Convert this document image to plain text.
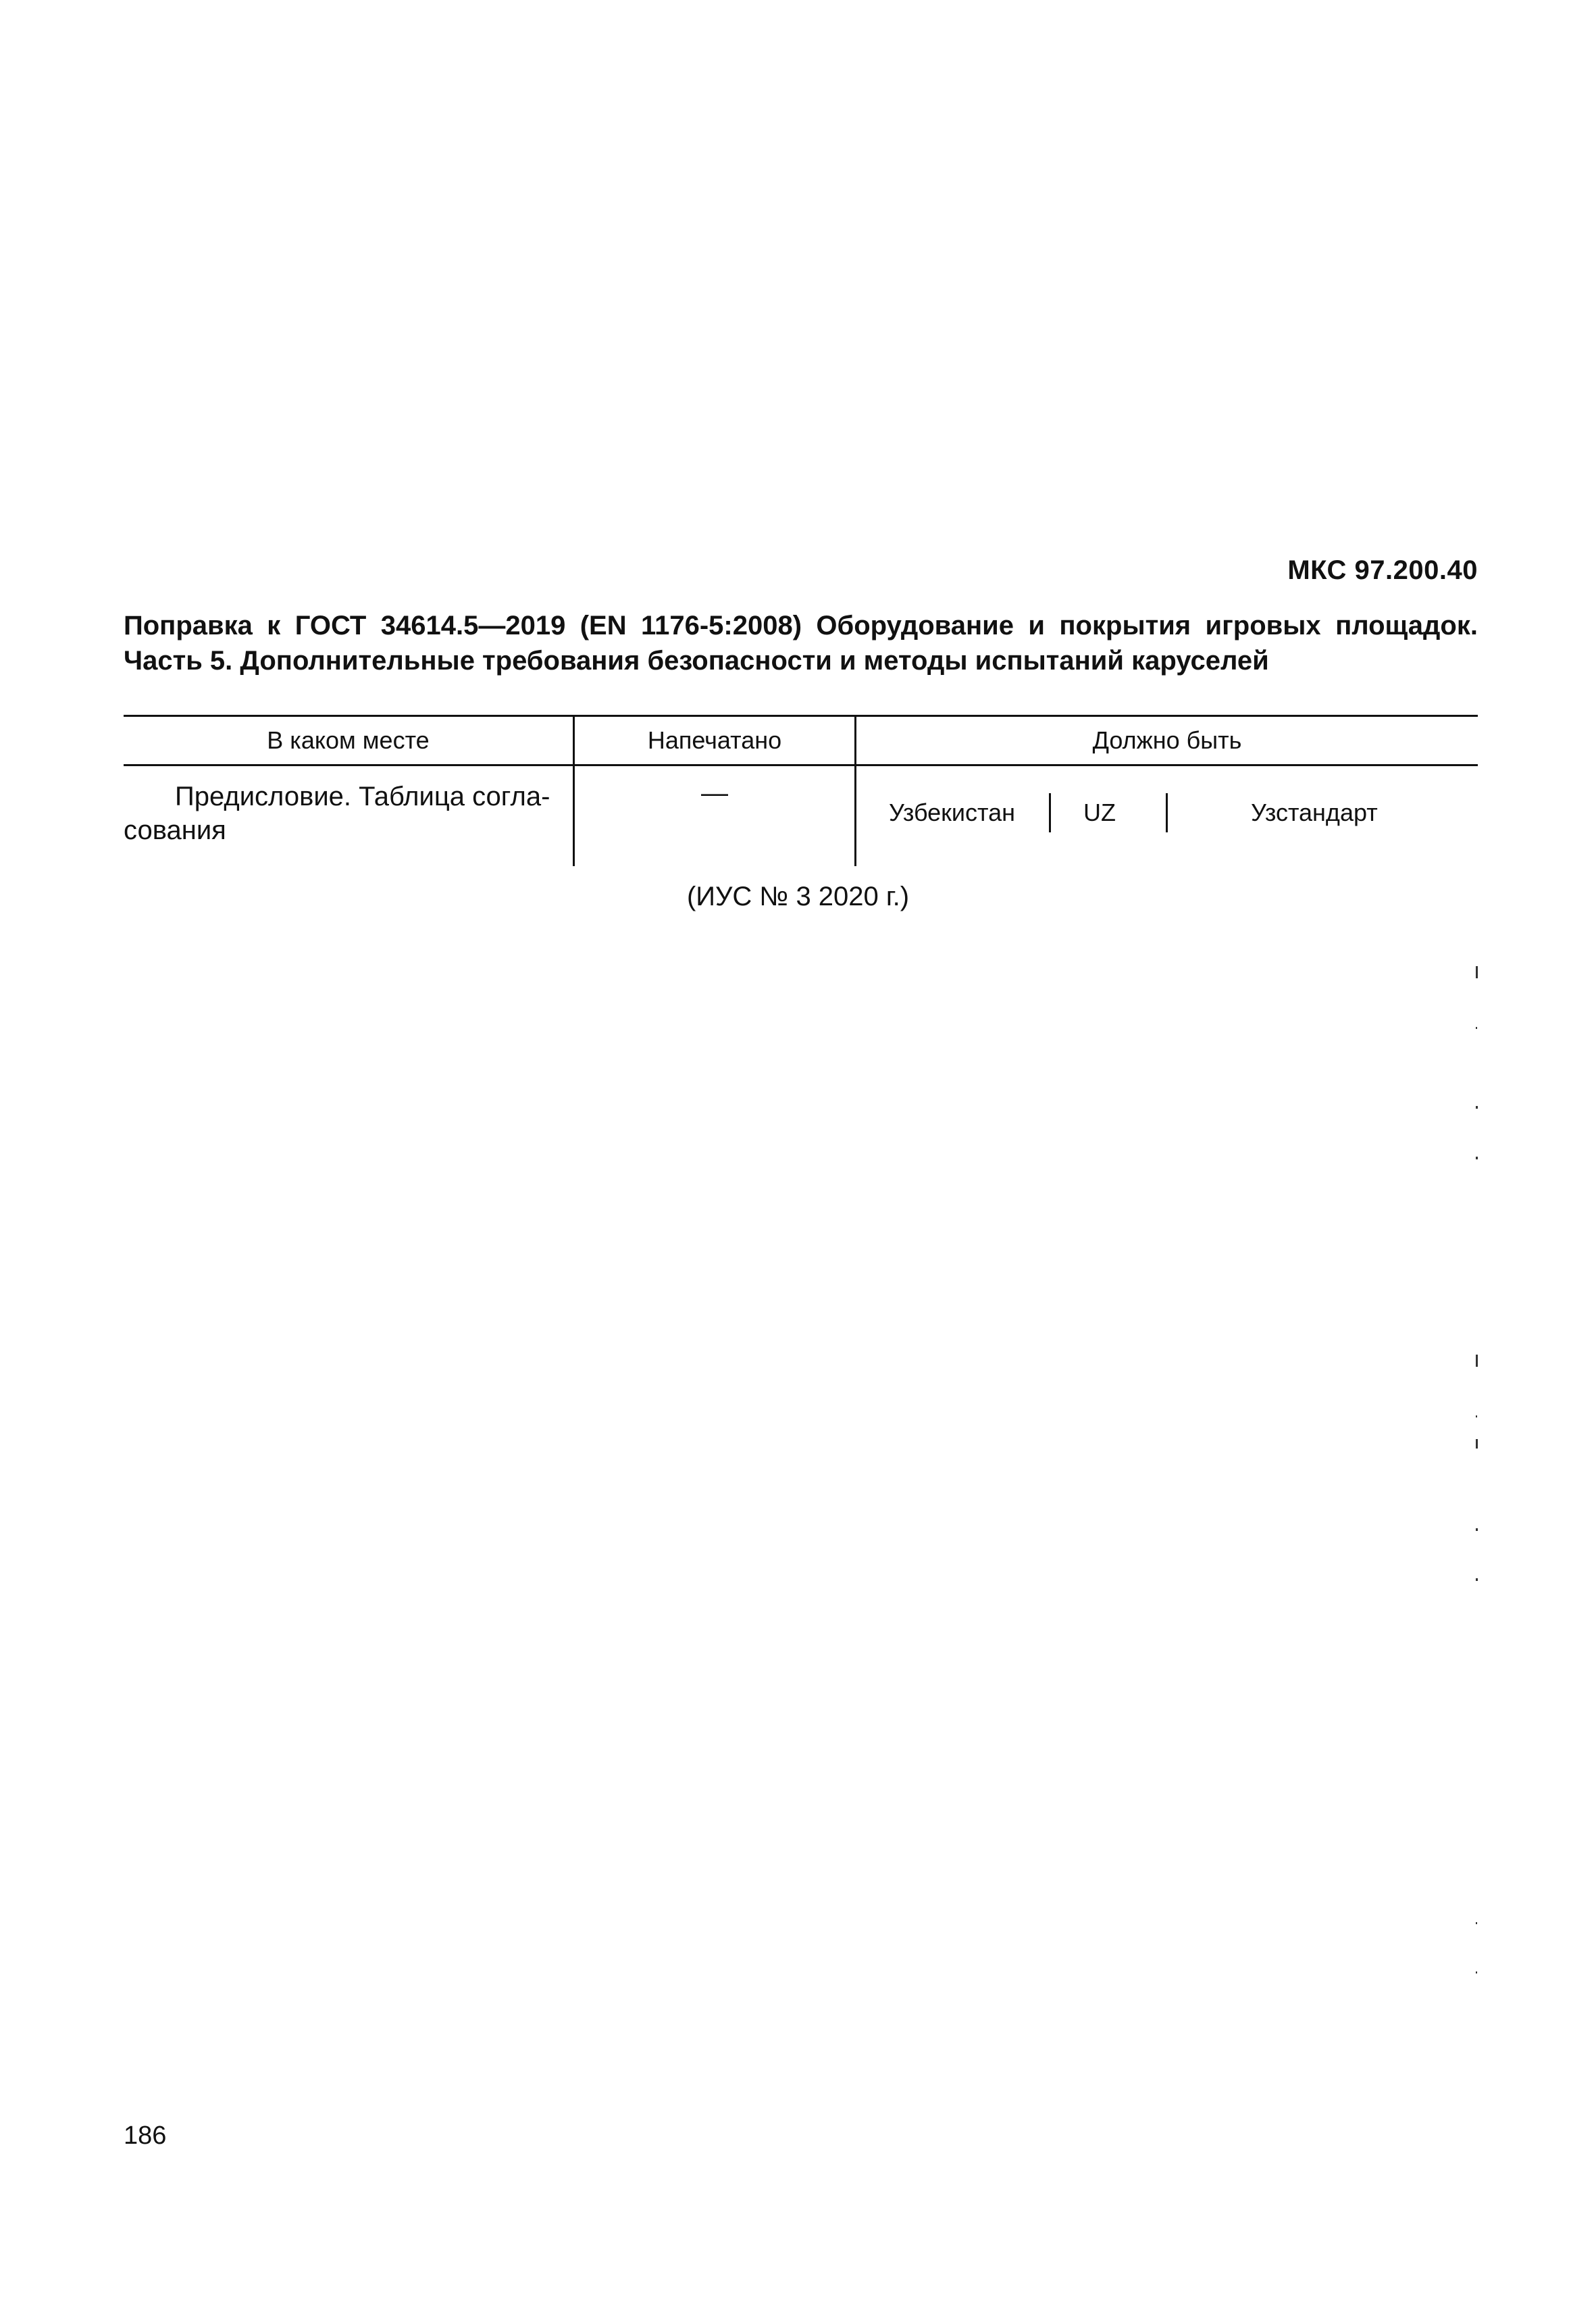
МКС 97.200.40
Поправка к ГОСТ 34614.5—2019 (EN 1176-5:2008) Оборудование и покрытия игровых площадок.
Часть 5. Дополнительные требования безопасности и методы испытаний каруселей
В каком месте	Напечатано	Должно быть

Предисловие. Таблица согла-
сования	—	Узбекистан UZ Узстандарт
(ИУС № 3 2020 г.)
186
